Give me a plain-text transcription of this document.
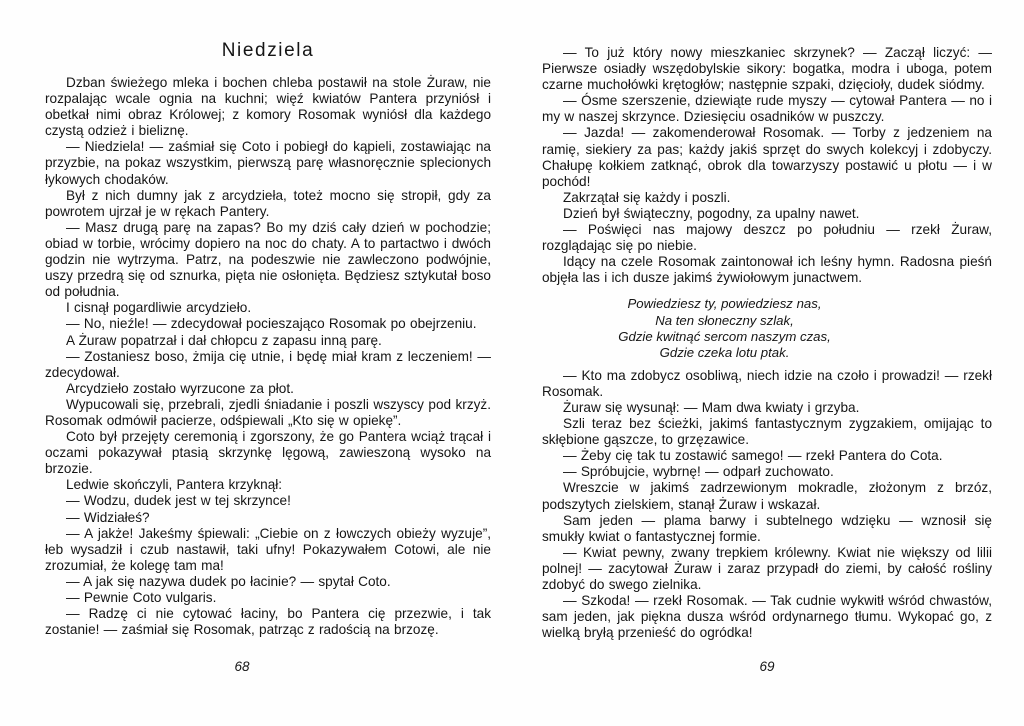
Niedziela

Dzban świeżego mleka i bochen chleba postawił na stole Żuraw, nie rozpalając wcale ognia na kuchni; więź kwiatów Pantera przyniósł i obetkał nimi obraz Królowej; z komory Rosomak wyniósł dla każdego czystą odzież i bieliznę.

— Niedziela! — zaśmiał się Coto i pobiegł do kąpieli, zostawiając na przyzbie, na pokaz wszystkim, pierwszą parę własnoręcznie splecionych łykowych chodaków.

Był z nich dumny jak z arcydzieła, toteż mocno się stropił, gdy za powrotem ujrzał je w rękach Pantery.

— Masz drugą parę na zapas? Bo my dziś cały dzień w pochodzie; obiad w torbie, wrócimy dopiero na noc do chaty. A to partactwo i dwóch godzin nie wytrzyma. Patrz, na podeszwie nie zawleczono podwójnie, uszy przedrą się od sznurka, pięta nie osłonięta. Będziesz sztykutał boso od południa.

I cisnął pogardliwie arcydzieło.

— No, nieźle! — zdecydował pocieszająco Rosomak po obejrzeniu.

A Żuraw popatrzał i dał chłopcu z zapasu inną parę.

— Zostaniesz boso, żmija cię utnie, i będę miał kram z leczeniem! — zdecydował.

Arcydzieło zostało wyrzucone za płot.

Wypucowali się, przebrali, zjedli śniadanie i poszli wszyscy pod krzyż. Rosomak odmówił pacierze, odśpiewali „Kto się w opiekę”.

Coto był przejęty ceremonią i zgorszony, że go Pantera wciąż trącał i oczami pokazywał ptasią skrzynkę lęgową, zawieszoną wysoko na brzozie.

Ledwie skończyli, Pantera krzyknął:

— Wodzu, dudek jest w tej skrzynce!

— Widziałeś?

— A jakże! Jakeśmy śpiewali: „Ciebie on z łowczych obieży wyzuje”, łeb wysadził i czub nastawił, taki ufny! Pokazywałem Cotowi, ale nie zrozumiał, że kolegę tam ma!

— A jak się nazywa dudek po łacinie? — spytał Coto.

— Pewnie Coto vulgaris.

— Radzę ci nie cytować łaciny, bo Pantera cię przezwie, i tak zostanie! — zaśmiał się Rosomak, patrząc z radością na brzozę.

68

— To już który nowy mieszkaniec skrzynek? — Zaczął liczyć: — Pierwsze osiadły wszędobylskie sikory: bogatka, modra i uboga, potem czarne muchołówki krętogłów; następnie szpaki, dzięcioły, dudek siódmy.

— Ósme szerszenie, dziewiąte rude myszy — cytował Pantera — no i my w naszej skrzynce. Dziesięciu osadników w puszczy.

— Jazda! — zakomenderował Rosomak. — Torby z jedzeniem na ramię, siekiery za pas; każdy jakiś sprzęt do swych kolekcyj i zdobyczy. Chałupę kołkiem zatknąć, obrok dla towarzyszy postawić u płotu — i w pochód!

Zakrzątał się każdy i poszli.

Dzień był świąteczny, pogodny, za upalny nawet.

— Poświęci nas majowy deszcz po południu — rzekł Żuraw, rozglądając się po niebie.

Idący na czele Rosomak zaintonował ich leśny hymn. Radosna pieśń objęła las i ich dusze jakimś żywiołowym junactwem.

Powiedziesz ty, powiedziesz nas,
Na ten słoneczny szlak,
Gdzie kwitnąć sercom naszym czas,
Gdzie czeka lotu ptak.

— Kto ma zdobycz osobliwą, niech idzie na czoło i prowadzi! — rzekł Rosomak.

Żuraw się wysunął: — Mam dwa kwiaty i grzyba.

Szli teraz bez ścieżki, jakimś fantastycznym zygzakiem, omijając to skłębione gąszcze, to grzęzawice.

— Żeby cię tak tu zostawić samego! — rzekł Pantera do Cota.

— Spróbujcie, wybrnę! — odparł zuchowato.

Wreszcie w jakimś zadrzewionym mokradle, złożonym z brzóz, podszytych zielskiem, stanął Żuraw i wskazał.

Sam jeden — plama barwy i subtelnego wdzięku — wznosił się smukły kwiat o fantastycznej formie.

— Kwiat pewny, zwany trepkiem królewny. Kwiat nie większy od lilii polnej! — zacytował Żuraw i zaraz przypadł do ziemi, by całość rośliny zdobyć do swego zielnika.

— Szkoda! — rzekł Rosomak. — Tak cudnie wykwitł wśród chwastów, sam jeden, jak piękna dusza wśród ordynarnego tłumu. Wykopać go, z wielką bryłą przenieść do ogródka!

69
